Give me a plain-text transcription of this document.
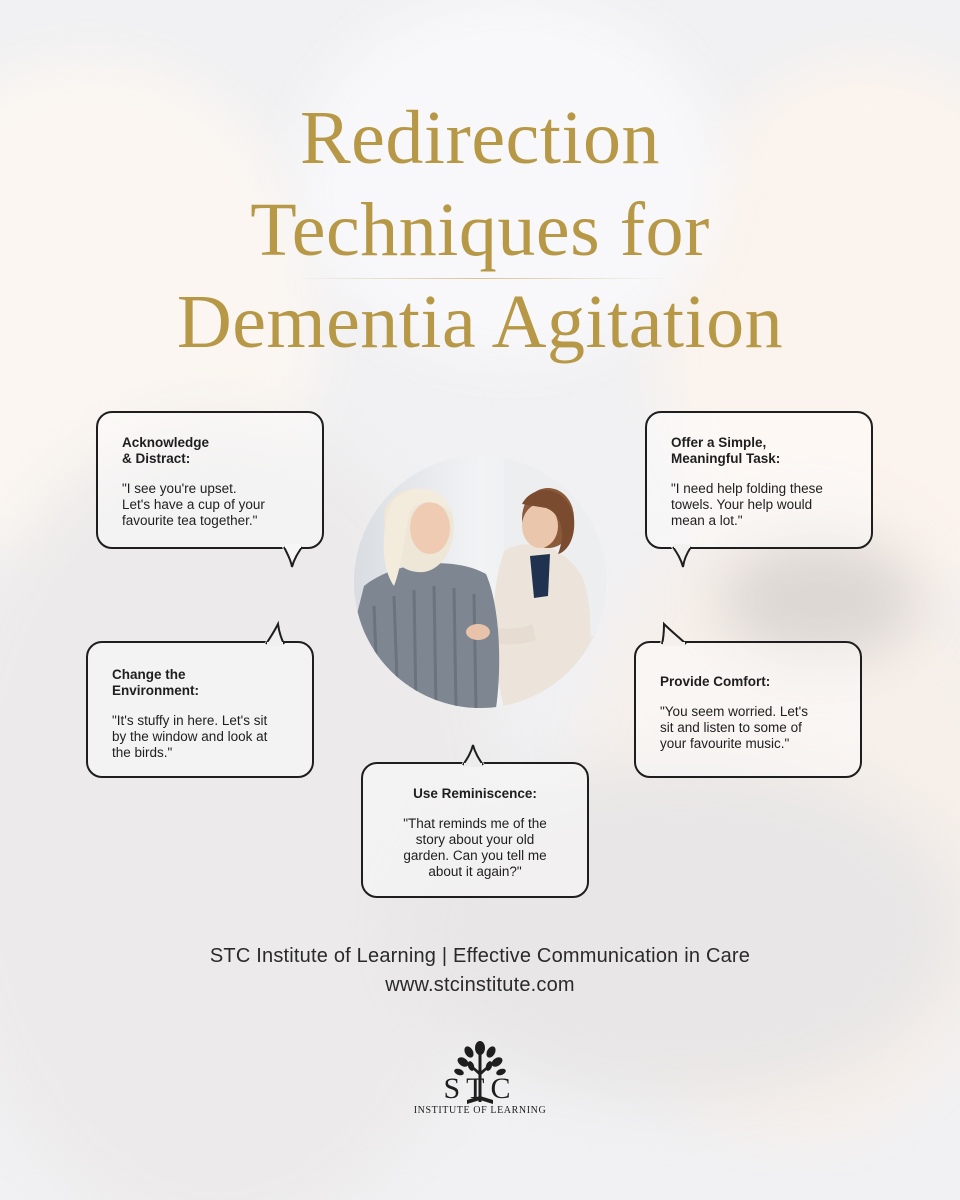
Redirection
Techniques for
Dementia Agitation
Acknowledge
& Distract:

"I see you're upset.
Let's have a cup of your
favourite tea together."

Offer a Simple,
Meaningful Task:

"I need help folding these
towels. Your help would
mean a lot."

Change the
Environment:

"It's stuffy in here. Let's sit
by the window and look at
the birds."

Provide Comfort:

"You seem worried. Let's
sit and listen to some of
your favourite music."

Use Reminiscence:

"That reminds me of the
story about your old
garden. Can you tell me
about it again?"

STC Institute of Learning | Effective Communication in Care
www.stcinstitute.com
STC
INSTITUTE OF LEARNING
